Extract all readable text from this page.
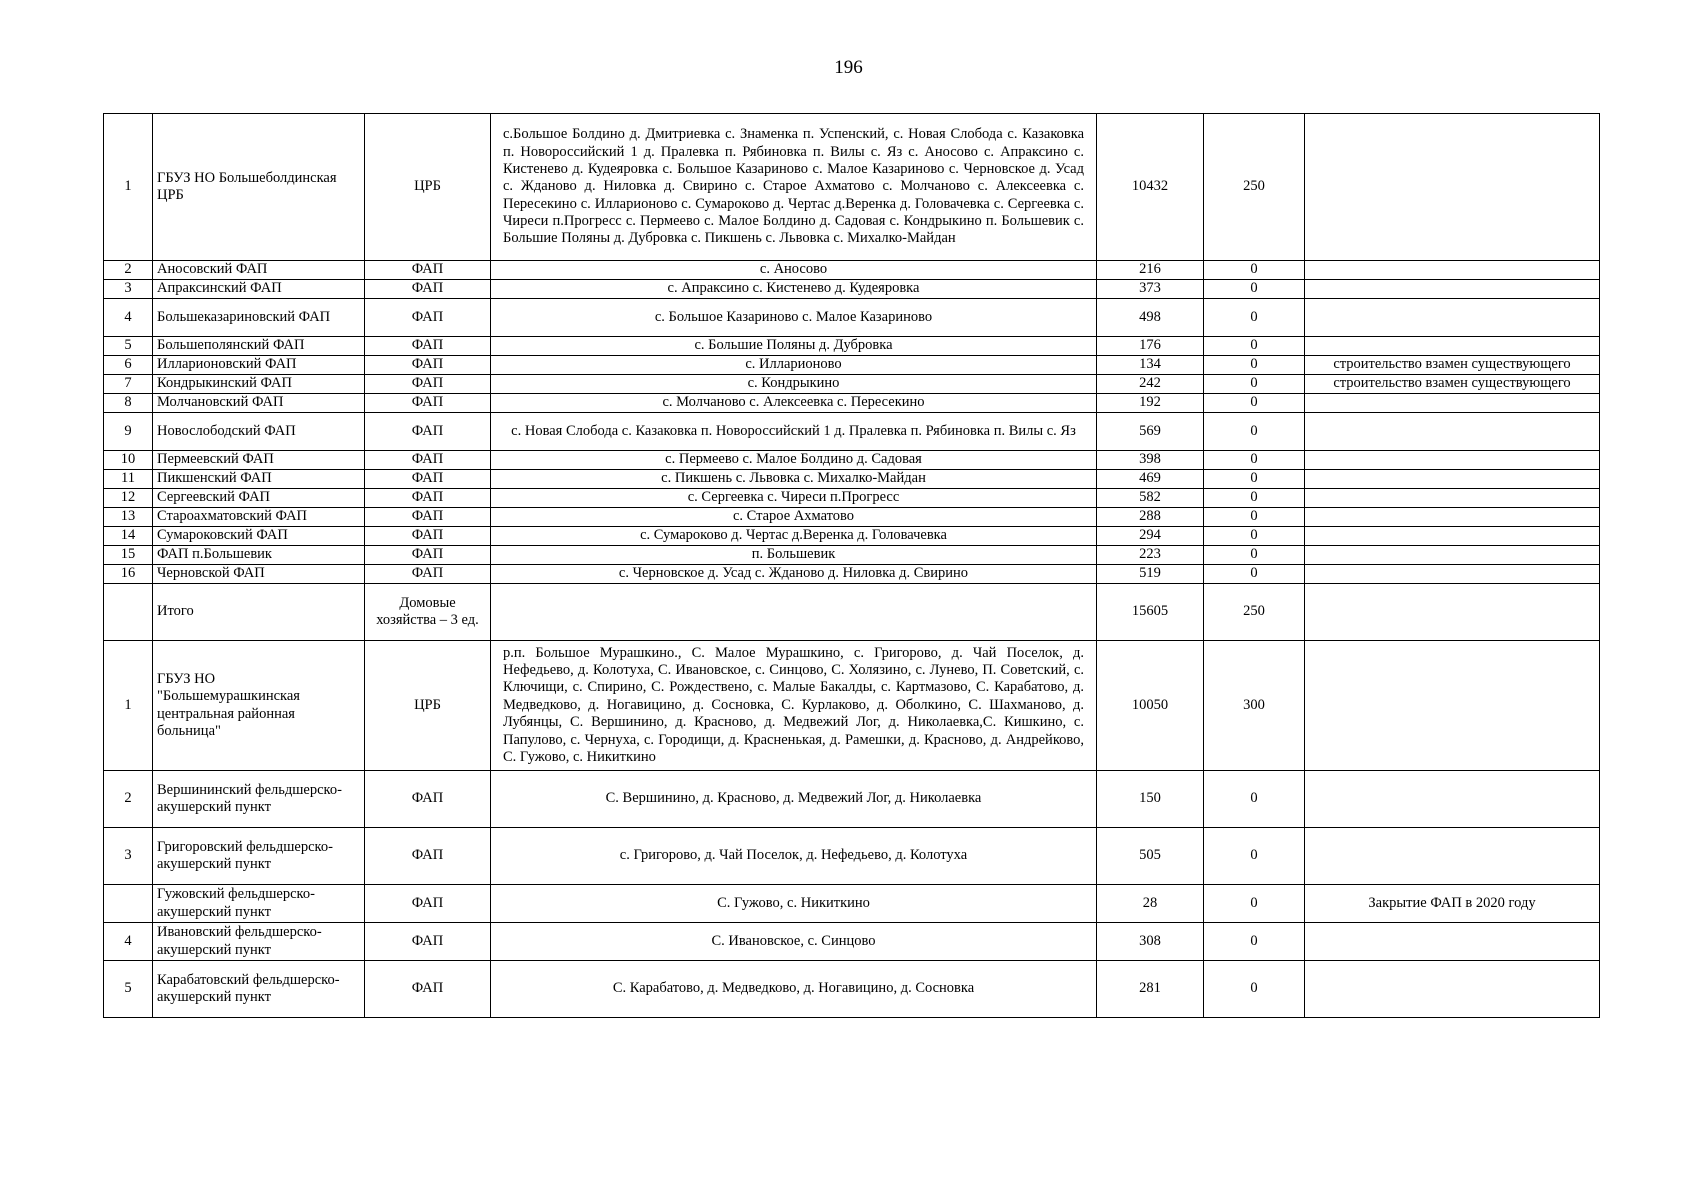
196
1	ГБУЗ НО Большеболдинская ЦРБ	ЦРБ	с.Большое Болдино д. Дмитриевка с. Знаменка п. Успенский, с. Новая Слобода с. Казаковка п. Новороссийский 1 д. Пралевка п. Рябиновка п. Вилы с. Яз с. Аносово с. Апраксино с. Кистенево д. Кудеяровка с. Большое Казариново с. Малое Казариново с. Черновское д. Усад с. Жданово д. Ниловка д. Свирино с. Старое Ахматово с. Молчаново с. Алексеевка с. Пересекино с. Илларионово с. Сумароково д. Чертас д.Веренка д. Головачевка с. Сергеевка с. Чиреси п.Прогресс с. Пермеево с. Малое Болдино д. Садовая с. Кондрыкино п. Большевик с. Большие Поляны д. Дубровка с. Пикшень с. Львовка с. Михалко-Майдан	10432	250	
2	Аносовский ФАП	ФАП	с. Аносово	216	0	
3	Апраксинский ФАП	ФАП	с. Апраксино с. Кистенево д. Кудеяровка	373	0	
4	Большеказариновский ФАП	ФАП	с. Большое Казариново с. Малое Казариново	498	0	
5	Большеполянский ФАП	ФАП	с. Большие Поляны д. Дубровка	176	0	
6	Илларионовский ФАП	ФАП	с. Илларионово	134	0	строительство взамен существующего
7	Кондрыкинский ФАП	ФАП	с. Кондрыкино	242	0	строительство взамен существующего
8	Молчановский ФАП	ФАП	с. Молчаново с. Алексеевка с. Пересекино	192	0	
9	Новослободский ФАП	ФАП	с. Новая Слобода с. Казаковка п. Новороссийский 1 д. Пралевка п. Рябиновка п. Вилы с. Яз	569	0	
10	Пермеевский ФАП	ФАП	с. Пермеево с. Малое Болдино д. Садовая	398	0	
11	Пикшенский ФАП	ФАП	с. Пикшень с. Львовка с. Михалко-Майдан	469	0	
12	Сергеевский ФАП	ФАП	с. Сергеевка с. Чиреси п.Прогресс	582	0	
13	Староахматовский ФАП	ФАП	с. Старое Ахматово	288	0	
14	Сумароковский ФАП	ФАП	с. Сумароково д. Чертас д.Веренка д. Головачевка	294	0	
15	ФАП п.Большевик	ФАП	п. Большевик	223	0	
16	Черновской ФАП	ФАП	с. Черновское д. Усад с. Жданово д. Ниловка д. Свирино	519	0	
	Итого	Домовые хозяйства – 3 ед.		15605	250	
1	ГБУЗ НО "Большемурашкинская центральная районная больница"	ЦРБ	р.п. Большое Мурашкино., С. Малое Мурашкино, с. Григорово, д. Чай Поселок, д. Нефедьево, д. Колотуха, С. Ивановское, с. Синцово, С. Холязино, с. Лунево, П. Советский, с. Ключищи, с. Спирино, С. Рождествено, с. Малые Бакалды, с. Картмазово, С. Карабатово, д. Медведково, д. Ногавицино, д. Сосновка, С. Курлаково, д. Оболкино, С. Шахманово, д. Лубянцы, С. Вершинино, д. Красново, д. Медвежий Лог, д. Николаевка,С. Кишкино, с. Папулово, с. Чернуха, с. Городищи, д. Красненькая, д. Рамешки, д. Красново, д. Андрейково, С. Гужово, с. Никиткино	10050	300	
2	Вершининский фельдшерско-акушерский пункт	ФАП	С. Вершинино, д. Красново, д. Медвежий Лог, д. Николаевка	150	0	
3	Григоровский фельдшерско-акушерский пункт	ФАП	с. Григорово, д. Чай Поселок, д. Нефедьево, д. Колотуха	505	0	
	Гужовский фельдшерско-акушерский пункт	ФАП	С. Гужово, с. Никиткино	28	0	Закрытие ФАП в 2020 году
4	Ивановский фельдшерско-акушерский пункт	ФАП	С. Ивановское, с. Синцово	308	0	
5	Карабатовский фельдшерско-акушерский пункт	ФАП	С. Карабатово, д. Медведково, д. Ногавицино, д. Сосновка	281	0	
